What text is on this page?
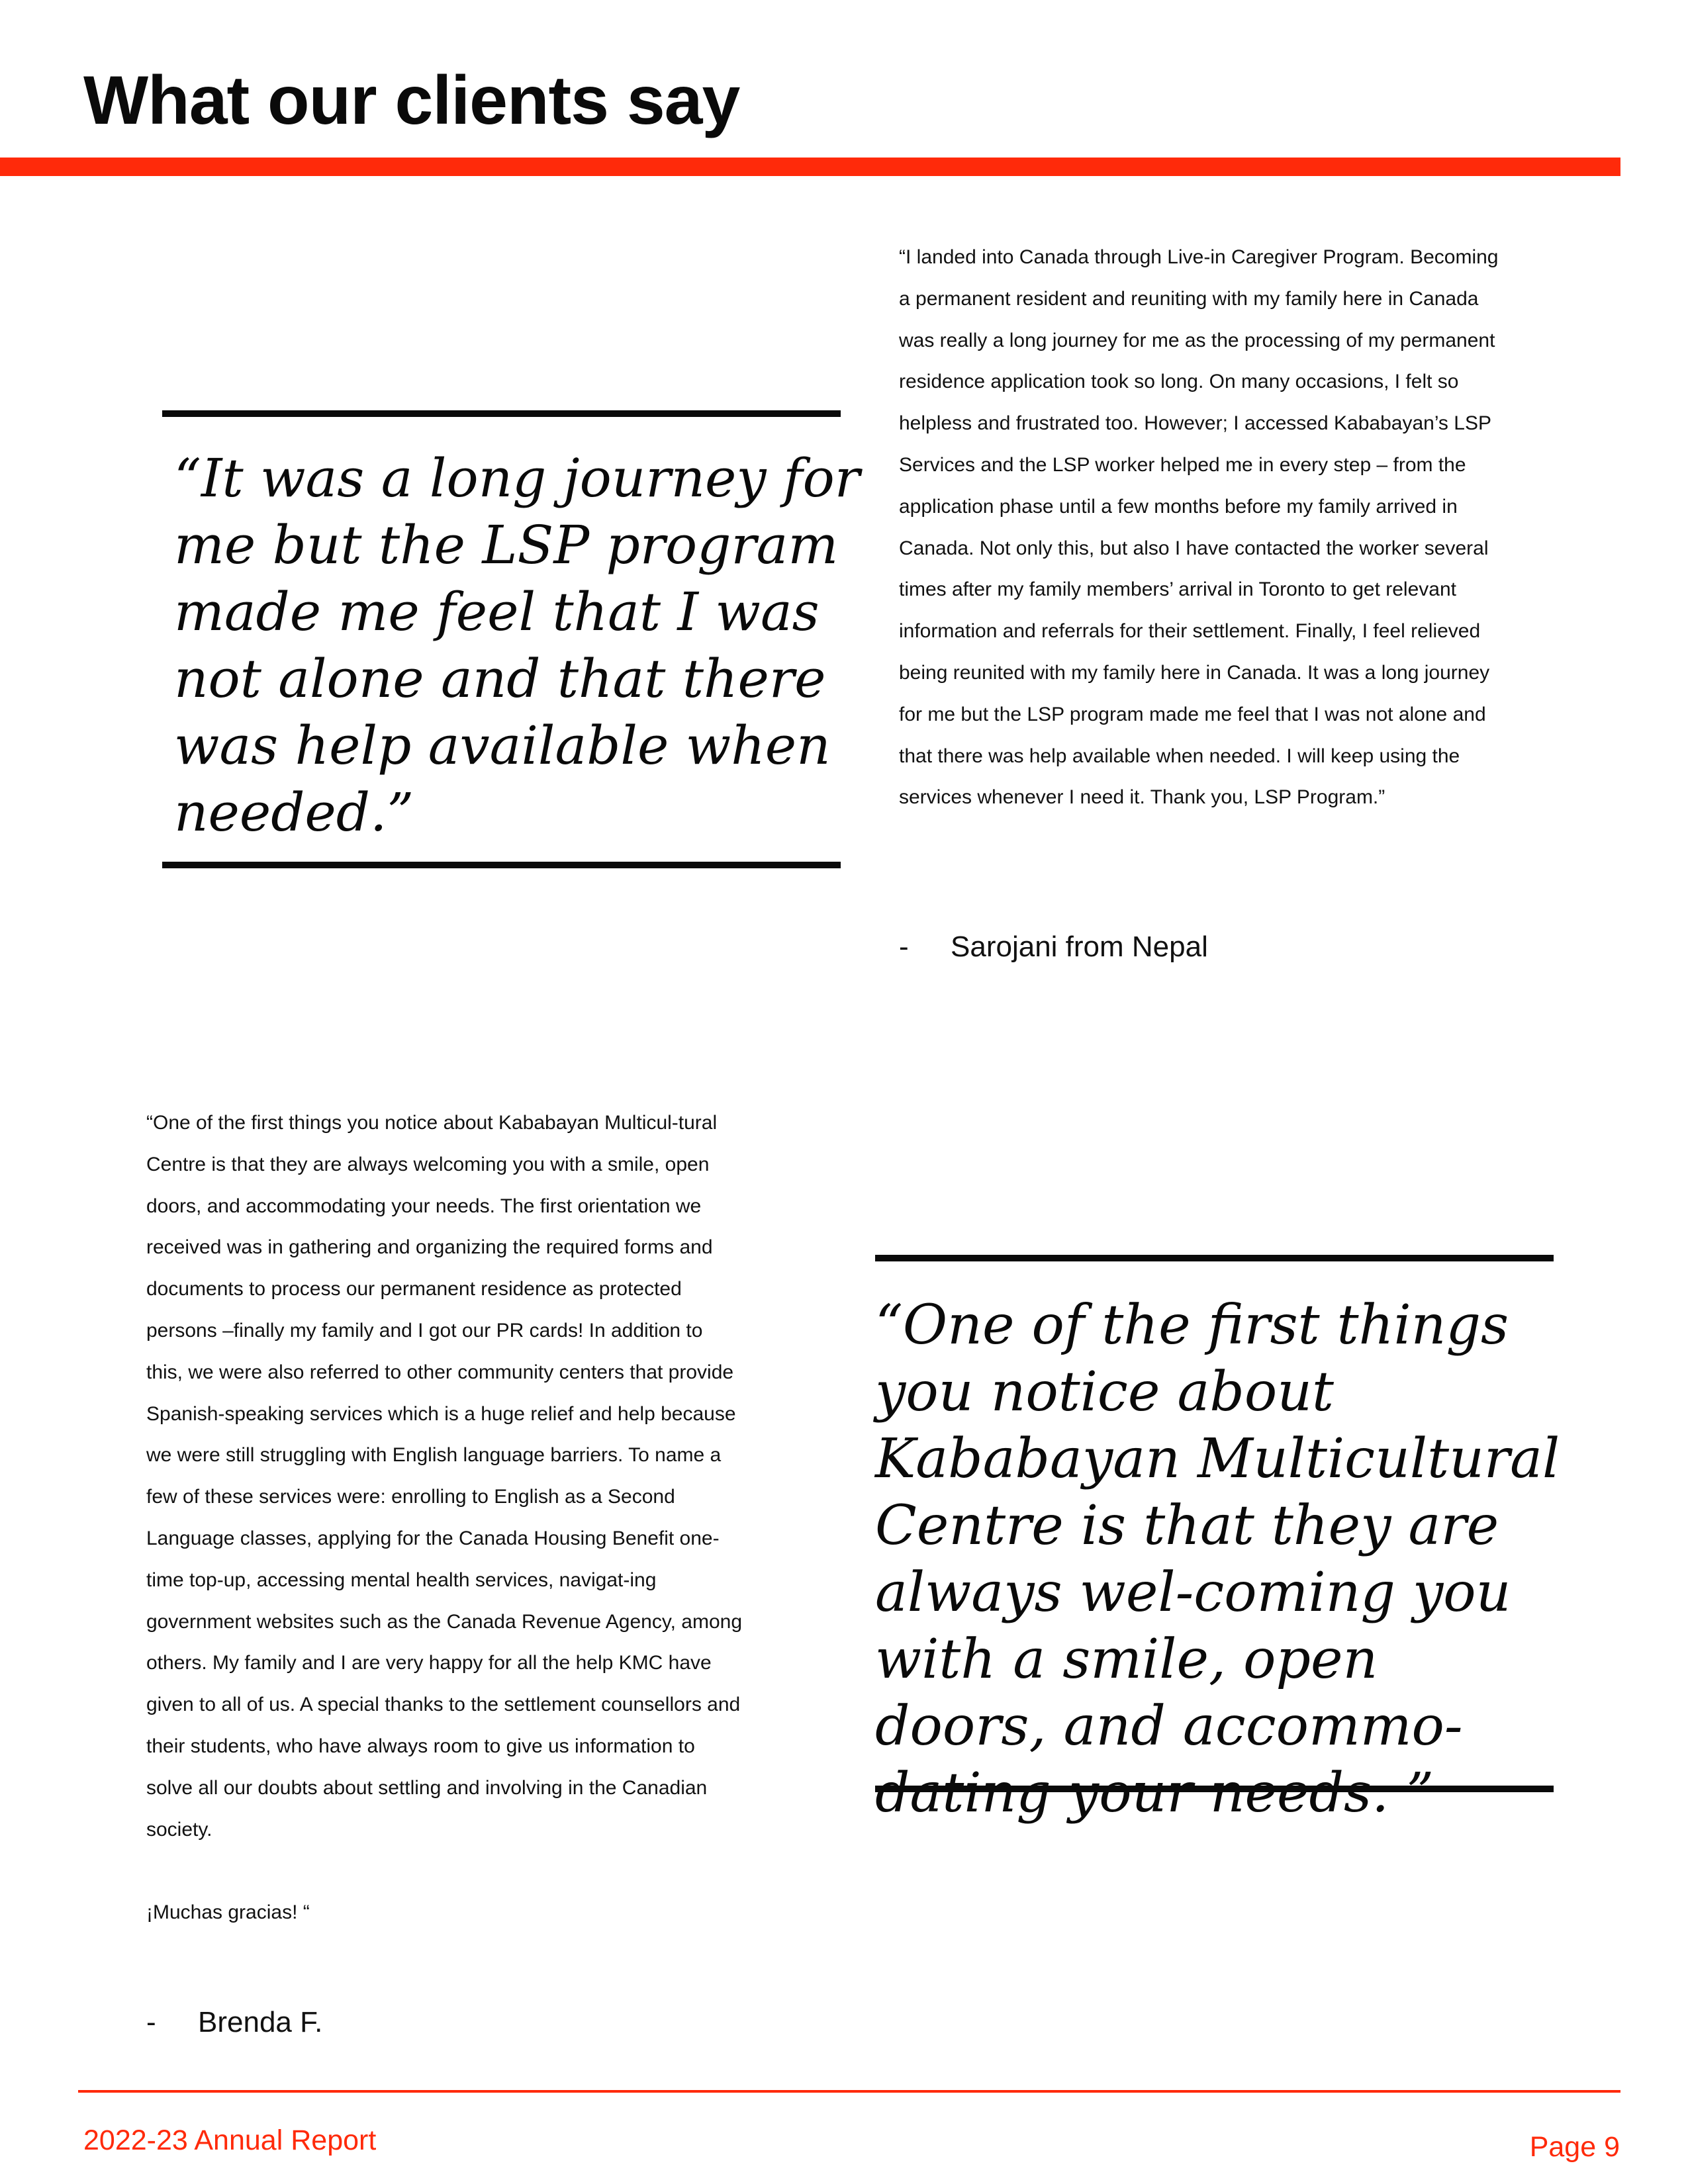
What our clients say

“It was a long journey for me but the LSP program made me feel that I was not alone and that there was help available when needed.”

“I landed into Canada through Live-in Caregiver Program. Becoming a permanent resident and reuniting with my family here in Canada was really a long journey for me as the processing of my permanent residence application took so long. On many occasions, I felt so helpless and frustrated too. However; I accessed Kababayan’s LSP Services and the LSP worker helped me in every step – from the application phase until a few months before my family arrived in Canada. Not only this, but also I have contacted the worker several times after my family members’ arrival in Toronto to get relevant information and referrals for their settlement. Finally, I feel relieved being reunited with my family here in Canada. It was a long journey for me but the LSP program made me feel that I was not alone and that there was help available when needed. I will keep using the services whenever I need it. Thank you, LSP Program.”

- Sarojani from Nepal

“One of the first things you notice about Kababayan Multicul-tural Centre is that they are always welcoming you with a smile, open doors, and accommodating your needs. The first orientation we received was in gathering and organizing the required forms and documents to process our permanent residence as protected persons –finally my family and I got our PR cards! In addition to this, we were also referred to other community centers that provide Spanish-speaking services which is a huge relief and help because we were still struggling with English language barriers. To name a few of these services were: enrolling to English as a Second Language classes, applying for the Canada Housing Benefit one-time top-up, accessing mental health services, navigat-ing government websites such as the Canada Revenue Agency, among others. My family and I are very happy for all the help KMC have given to all of us. A special thanks to the settlement counsellors and their students, who have always room to give us information to solve all our doubts about settling and involving in the Canadian society.

¡Muchas gracias! “

“One of the first things you notice about Kababayan Multicultural Centre is that they are always wel-coming you with a smile, open doors, and accommo-dating your needs. ”

- Brenda F.
2022-23 Annual Report	Page 9
